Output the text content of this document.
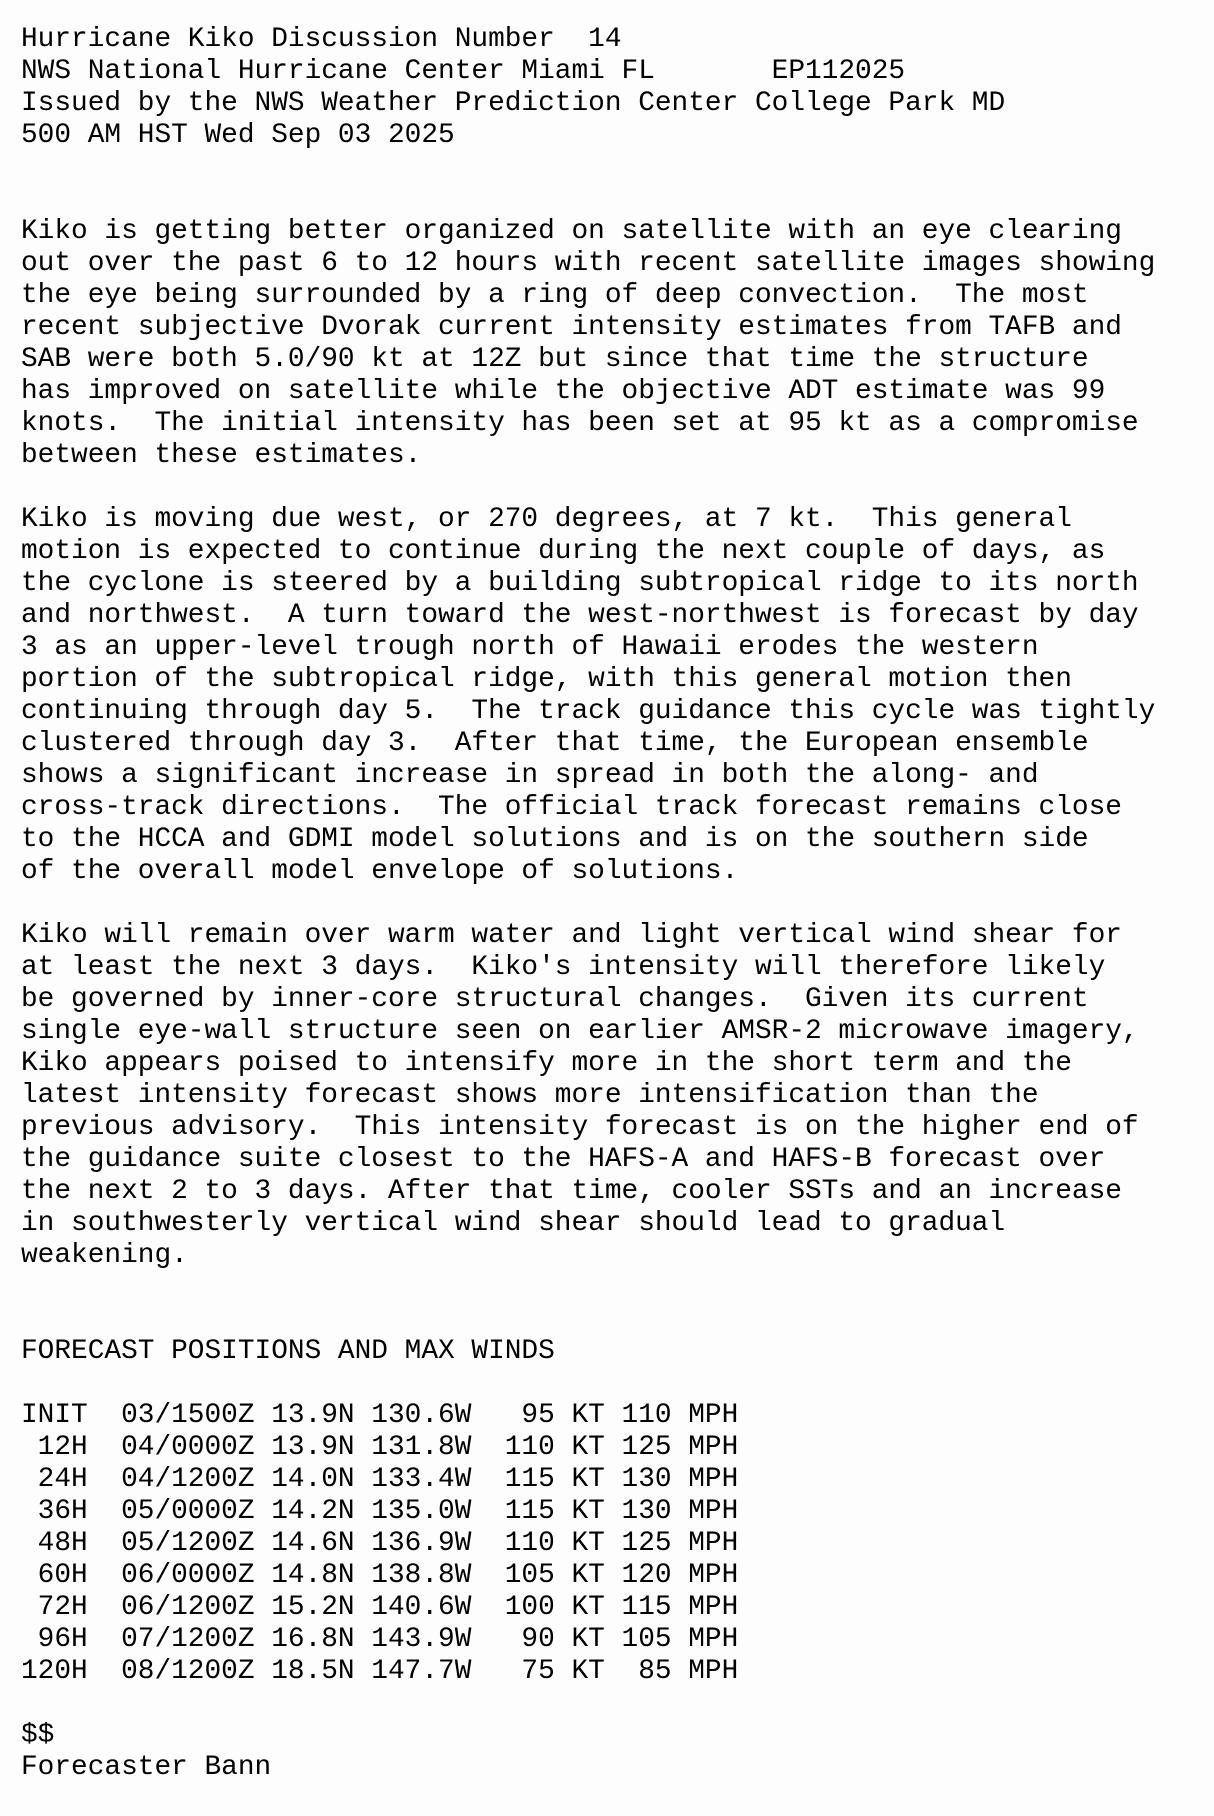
Hurricane Kiko Discussion Number  14
NWS National Hurricane Center Miami FL       EP112025
Issued by the NWS Weather Prediction Center College Park MD
500 AM HST Wed Sep 03 2025
Kiko is getting better organized on satellite with an eye clearing
out over the past 6 to 12 hours with recent satellite images showing
the eye being surrounded by a ring of deep convection.  The most
recent subjective Dvorak current intensity estimates from TAFB and
SAB were both 5.0/90 kt at 12Z but since that time the structure
has improved on satellite while the objective ADT estimate was 99
knots.  The initial intensity has been set at 95 kt as a compromise
between these estimates.
Kiko is moving due west, or 270 degrees, at 7 kt.  This general
motion is expected to continue during the next couple of days, as
the cyclone is steered by a building subtropical ridge to its north
and northwest.  A turn toward the west-northwest is forecast by day
3 as an upper-level trough north of Hawaii erodes the western
portion of the subtropical ridge, with this general motion then
continuing through day 5.  The track guidance this cycle was tightly
clustered through day 3.  After that time, the European ensemble
shows a significant increase in spread in both the along- and
cross-track directions.  The official track forecast remains close
to the HCCA and GDMI model solutions and is on the southern side
of the overall model envelope of solutions.
Kiko will remain over warm water and light vertical wind shear for
at least the next 3 days.  Kiko's intensity will therefore likely
be governed by inner-core structural changes.  Given its current
single eye-wall structure seen on earlier AMSR-2 microwave imagery,
Kiko appears poised to intensify more in the short term and the
latest intensity forecast shows more intensification than the
previous advisory.  This intensity forecast is on the higher end of
the guidance suite closest to the HAFS-A and HAFS-B forecast over
the next 2 to 3 days. After that time, cooler SSTs and an increase
in southwesterly vertical wind shear should lead to gradual
weakening.
FORECAST POSITIONS AND MAX WINDS
INIT  03/1500Z 13.9N 130.6W   95 KT 110 MPH
12H  04/0000Z 13.9N 131.8W  110 KT 125 MPH
24H  04/1200Z 14.0N 133.4W  115 KT 130 MPH
36H  05/0000Z 14.2N 135.0W  115 KT 130 MPH
48H  05/1200Z 14.6N 136.9W  110 KT 125 MPH
60H  06/0000Z 14.8N 138.8W  105 KT 120 MPH
72H  06/1200Z 15.2N 140.6W  100 KT 115 MPH
96H  07/1200Z 16.8N 143.9W   90 KT 105 MPH
120H  08/1200Z 18.5N 147.7W   75 KT  85 MPH
$$
Forecaster Bann
